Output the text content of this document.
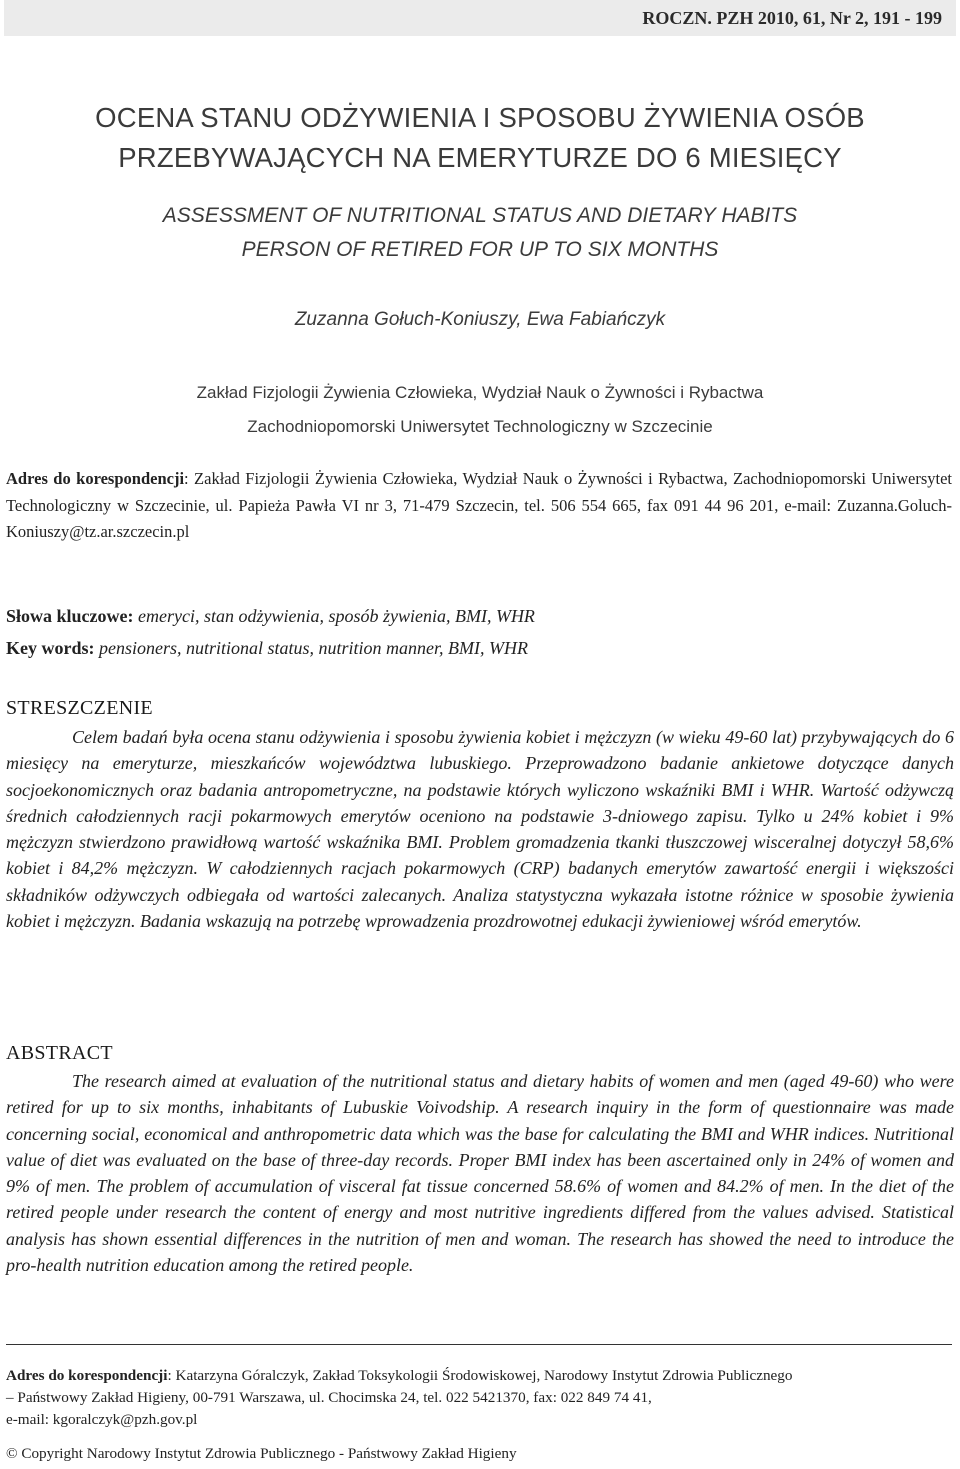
ROCZN. PZH 2010, 61, Nr 2, 191 - 199
OCENA STANU ODŻYWIENIA I SPOSOBU ŻYWIENIA OSÓB
PRZEBYWAJĄCYCH NA EMERYTURZE DO 6 MIESIĘCY
ASSESSMENT OF NUTRITIONAL STATUS AND DIETARY HABITS
PERSON OF RETIRED FOR UP TO SIX MONTHS
Zuzanna Gołuch-Koniuszy, Ewa Fabiańczyk
Zakład Fizjologii Żywienia Człowieka, Wydział Nauk o Żywności i Rybactwa
Zachodniopomorski Uniwersytet Technologiczny w Szczecinie
Adres do korespondencji: Zakład Fizjologii Żywienia Człowieka, Wydział Nauk o Żywności i Rybactwa, Zachodniopomorski Uniwersytet Technologiczny w Szczecinie, ul. Papieża Pawła VI nr 3, 71-479 Szczecin, tel. 506 554 665, fax 091 44 96 201, e-mail: Zuzanna.Goluch-Koniuszy@tz.ar.szczecin.pl
Słowa kluczowe: emeryci, stan odżywienia, sposób żywienia, BMI, WHR
Key words: pensioners, nutritional status, nutrition manner, BMI, WHR
STRESZCZENIE

Celem badań była ocena stanu odżywienia i sposobu żywienia kobiet i mężczyzn (w wieku 49-60 lat) przybywających do 6 miesięcy na emeryturze, mieszkańców województwa lubuskiego. Przeprowadzono badanie ankietowe dotyczące danych socjoekonomicznych oraz badania antropometryczne, na podstawie których wyliczono wskaźniki BMI i WHR. Wartość odżywczą średnich całodziennych racji pokarmowych emerytów oceniono na podstawie 3-dniowego zapisu. Tylko u 24% kobiet i 9% mężczyzn stwierdzono prawidłową wartość wskaźnika BMI. Problem gromadzenia tkanki tłuszczowej wisceralnej dotyczył 58,6% kobiet i 84,2% mężczyzn. W całodziennych racjach pokarmowych (CRP) badanych emerytów zawartość energii i większości składników odżywczych odbiegała od wartości zalecanych. Analiza statystyczna wykazała istotne różnice w sposobie żywienia kobiet i mężczyzn. Badania wskazują na potrzebę wprowadzenia prozdrowotnej edukacji żywieniowej wśród emerytów.

ABSTRACT

The research aimed at evaluation of the nutritional status and dietary habits of women and men (aged 49-60) who were retired for up to six months, inhabitants of Lubuskie Voivodship. A research inquiry in the form of questionnaire was made concerning social, economical and anthropometric data which was the base for calculating the BMI and WHR indices. Nutritional value of diet was evaluated on the base of three-day records. Proper BMI index has been ascertained only in 24% of women and 9% of men. The problem of accumulation of visceral fat tissue concerned 58.6% of women and 84.2% of men. In the diet of the retired people under research the content of energy and most nutritive ingredients differed from the values advised. Statistical analysis has shown essential differences in the nutrition of men and woman. The research has showed the need to introduce the pro-health nutrition education among the retired people.

Adres do korespondencji: Katarzyna Góralczyk, Zakład Toksykologii Środowiskowej, Narodowy Instytut Zdrowia Publicznego
– Państwowy Zakład Higieny, 00-791 Warszawa, ul. Chocimska 24, tel. 022 5421370, fax: 022 849 74 41,
e-mail: kgoralczyk@pzh.gov.pl
© Copyright Narodowy Instytut Zdrowia Publicznego - Państwowy Zakład Higieny
